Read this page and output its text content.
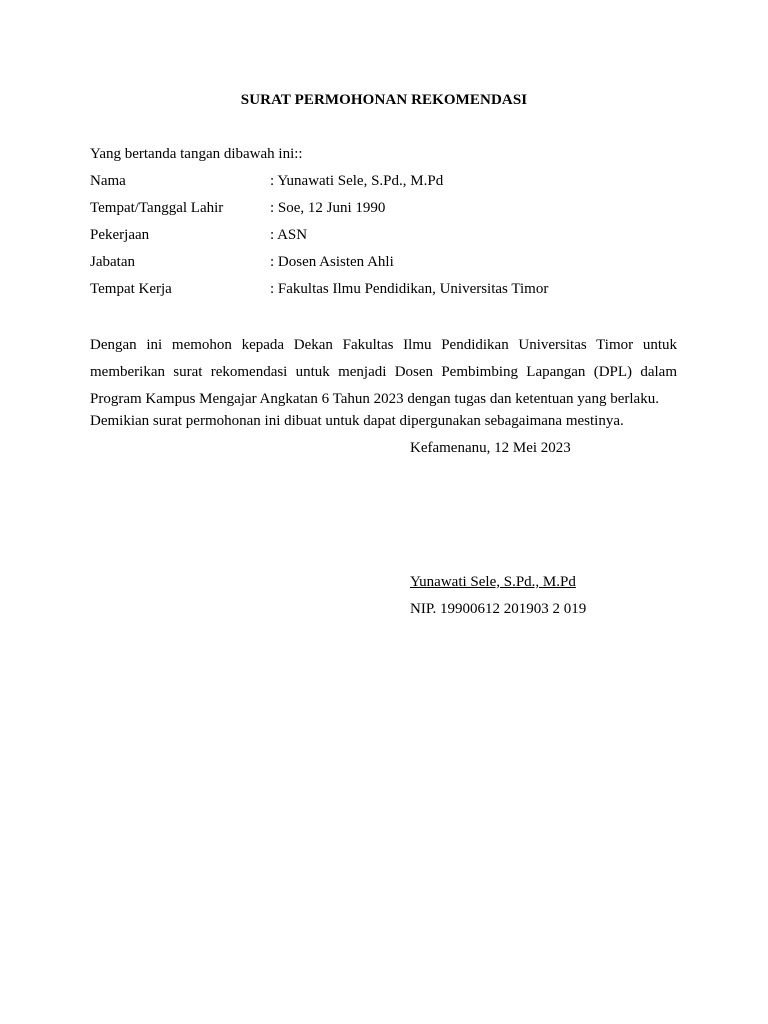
SURAT PERMOHONAN REKOMENDASI
Yang bertanda tangan dibawah ini::
Nama	: Yunawati Sele, S.Pd., M.Pd
Tempat/Tanggal Lahir	: Soe, 12 Juni 1990
Pekerjaan	: ASN
Jabatan	: Dosen Asisten Ahli
Tempat Kerja	: Fakultas Ilmu Pendidikan, Universitas Timor

Dengan ini memohon kepada Dekan Fakultas Ilmu Pendidikan Universitas Timor untuk memberikan surat rekomendasi untuk menjadi Dosen Pembimbing Lapangan (DPL) dalam Program Kampus Mengajar Angkatan 6 Tahun 2023 dengan tugas dan ketentuan yang berlaku.

Demikian surat permohonan ini dibuat untuk dapat dipergunakan sebagaimana mestinya.

Kefamenanu, 12 Mei 2023
Yunawati Sele, S.Pd., M.Pd
NIP. 19900612 201903 2 019
